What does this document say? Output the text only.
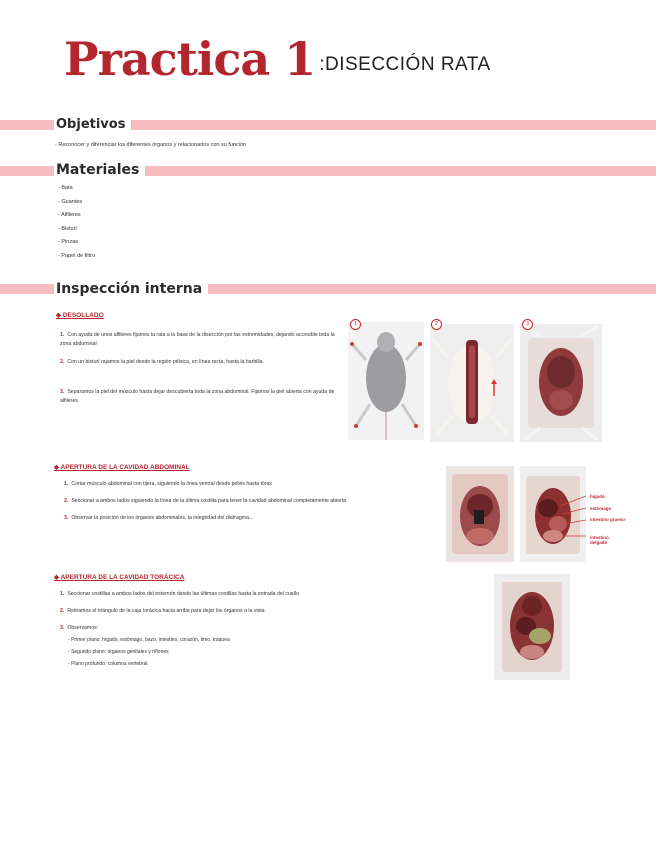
Practica 1 :DISECCIÓN RATA
Objetivos
- Reconocer y diferenciar los diferentes órganos y relacionarlos con su función
Materiales
- Bata
- Guantes
- Alfileres
- Bisturí
- Pinzas
- Papel de filtro
Inspección interna
◆ DESOLLADO
1. Con ayuda de unos alfileres fijamos la rata a la base de la disección por las extremidades, dejando accesible toda la zona abdominal
2. Con un bisturí rajamos la piel desde la región pélvica, en línea recta, hasta la barbilla.
3. Separamos la piel del músculo hasta dejar descubierta toda la zona abdominal. Fijamos la piel abierta con ayuda de alfileres
1	2	3
◆ APERTURA DE LA CAVIDAD ABDOMINAL
1. Cortar músculo abdominal con tijera, siguiendo la línea ventral desde pelvis hasta tórax
2. Seccionar a ambos lados siguiendo la línea de la última costilla para tener la cavidad abdominal completamente abierta
3. Observar la posición de los órganos abdominales, la integridad del diafragma...
hígado
estómago
intestino grueso
intestino delgado
◆ APERTURA DE LA CAVIDAD TORÁCICA
1. Seccionar costillas a ambos lados del esternón desde las últimas costillas hasta la entrada del cuello
2. Retiramos el triángulo de la caja torácica hacia arriba para dejar los órganos a la vista
3. Observamos:
- Primer plano: hígado, estómago, bazo, intestino, corazón, timo, tráquea
- Segundo plano: órganos genitales y riñones
- Plano profundo: columna vertebral
